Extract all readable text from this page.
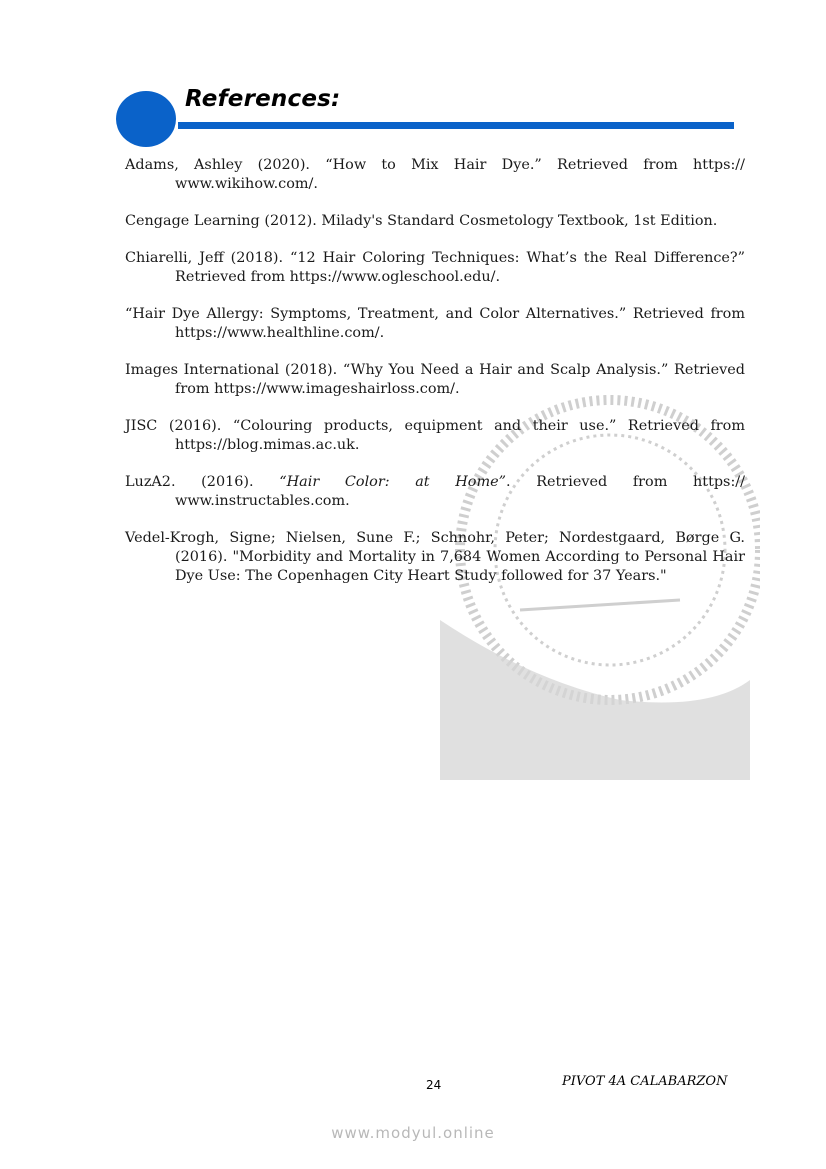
References:

Adams, Ashley (2020). “How to Mix Hair Dye.” Retrieved from https:// www.wikihow.com/.

Cengage Learning (2012). Milady's Standard Cosmetology Textbook, 1st Edition.

Chiarelli, Jeff (2018). “12 Hair Coloring Techniques: What’s the Real Difference?” Retrieved from https://www.ogleschool.edu/.

“Hair Dye Allergy: Symptoms, Treatment, and Color Alternatives.” Retrieved from https://www.healthline.com/.

Images International (2018). “Why You Need a Hair and Scalp Analysis.” Retrieved from https://www.imageshairloss.com/.

JISC (2016). “Colouring products, equipment and their use.” Retrieved from https://blog.mimas.ac.uk.

LuzA2. (2016). “Hair Color: at Home”. Retrieved from https:// www.instructables.com.

Vedel-Krogh, Signe; Nielsen, Sune F.; Schnohr, Peter; Nordestgaard, Børge G. (2016). "Morbidity and Mortality in 7,684 Women According to Personal Hair Dye Use: The Copenhagen City Heart Study followed for 37 Years."

24	PIVOT 4A CALABARZON
www.modyul.online
